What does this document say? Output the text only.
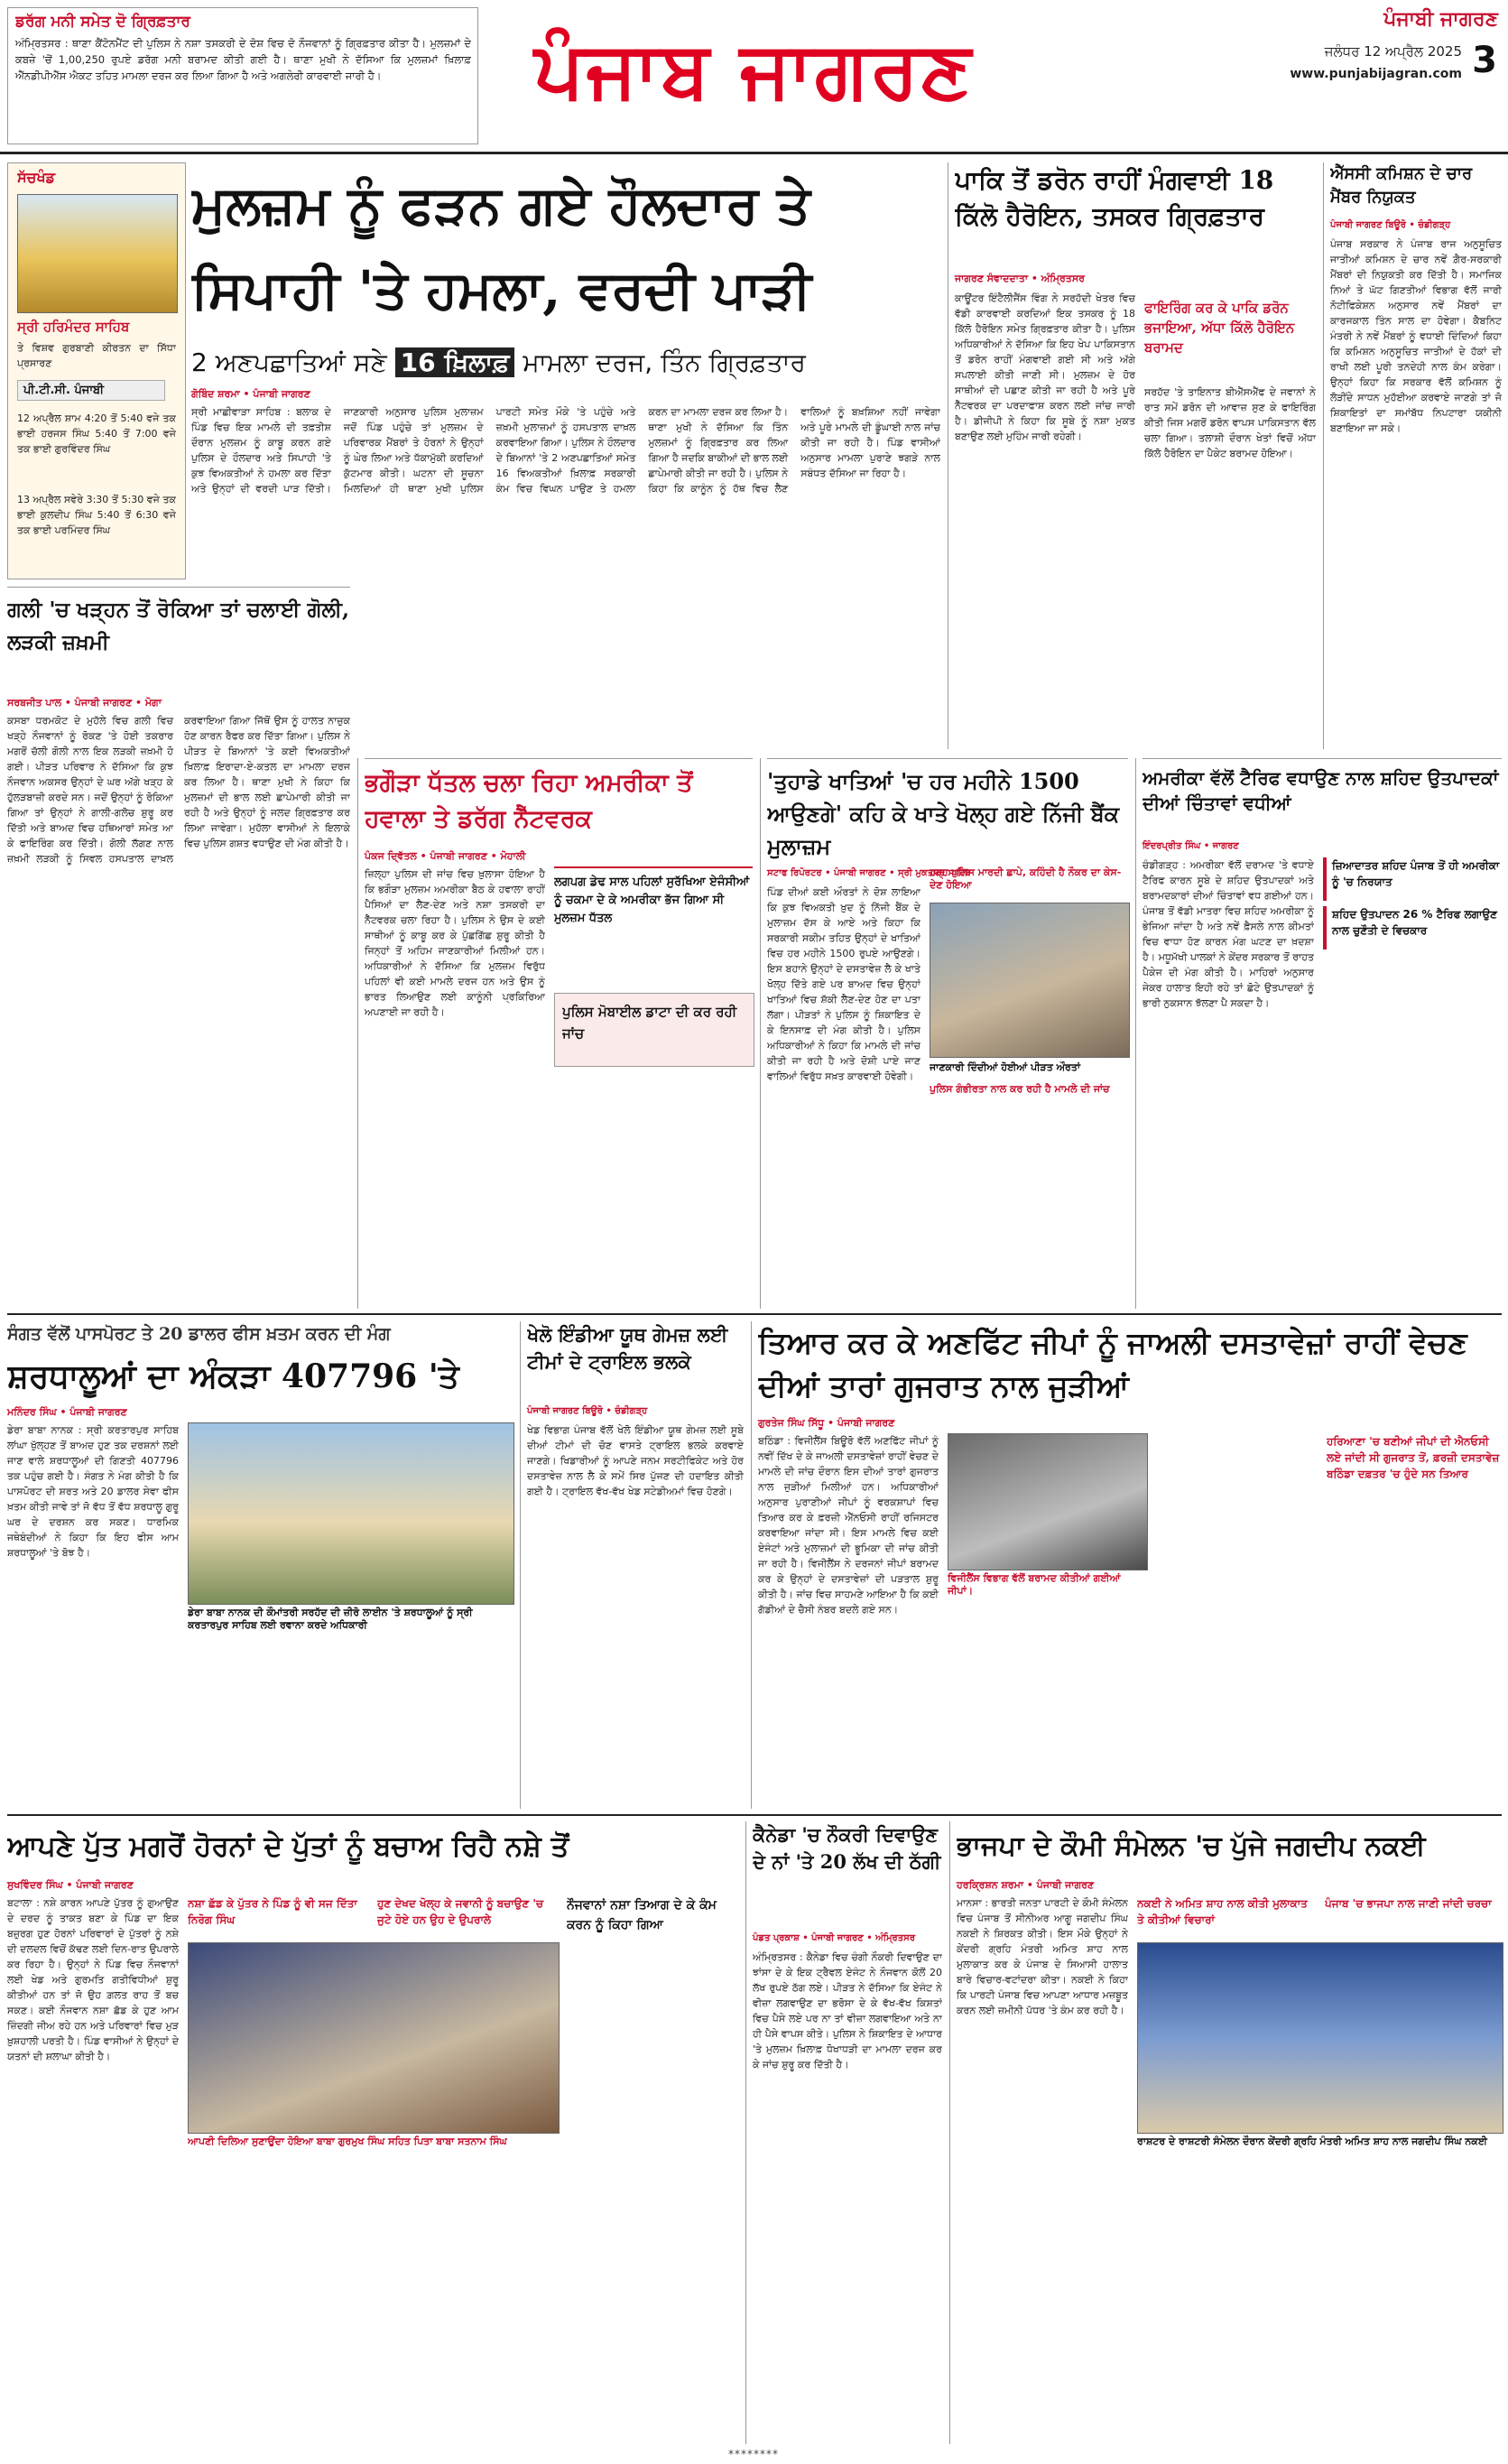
ਡਰੱਗ ਮਨੀ ਸਮੇਤ ਦੋ ਗ੍ਰਿਫ਼ਤਾਰ
ਅੰਮ੍ਰਿਤਸਰ : ਥਾਣਾ ਕੈਂਟੋਨਮੈਂਟ ਦੀ ਪੁਲਿਸ ਨੇ ਨਸ਼ਾ ਤਸਕਰੀ ਦੇ ਦੋਸ਼ ਵਿਚ ਦੋ ਨੌਜਵਾਨਾਂ ਨੂੰ ਗ੍ਰਿਫ਼ਤਾਰ ਕੀਤਾ ਹੈ। ਮੁਲਜ਼ਮਾਂ ਦੇ ਕਬਜ਼ੇ 'ਚੋਂ 1,00,250 ਰੁਪਏ ਡਰੱਗ ਮਨੀ ਬਰਾਮਦ ਕੀਤੀ ਗਈ ਹੈ। ਥਾਣਾ ਮੁਖੀ ਨੇ ਦੱਸਿਆ ਕਿ ਮੁਲਜ਼ਮਾਂ ਖ਼ਿਲਾਫ਼ ਐੱਨਡੀਪੀਐੱਸ ਐਕਟ ਤਹਿਤ ਮਾਮਲਾ ਦਰਜ ਕਰ ਲਿਆ ਗਿਆ ਹੈ ਅਤੇ ਅਗਲੇਰੀ ਕਾਰਵਾਈ ਜਾਰੀ ਹੈ।	ਪੰਜਾਬ ਜਾਗਰਣ
ਪੰਜਾਬੀ ਜਾਗਰਣ
ਜਲੰਧਰ 12 ਅਪ੍ਰੈਲ 2025
www.punjabijagran.com 3
ਸੱਚਖੰਡ
ਸ੍ਰੀ ਹਰਿਮੰਦਰ ਸਾਹਿਬ
ਤੇ ਵਿਸ਼ਵ ਗੁਰਬਾਣੀ ਕੀਰਤਨ ਦਾ ਸਿੱਧਾ ਪ੍ਰਸਾਰਣ
ਪੀ.ਟੀ.ਸੀ. ਪੰਜਾਬੀ
12 ਅਪ੍ਰੈਲ ਸ਼ਾਮ 4:20 ਤੋਂ 5:40 ਵਜੇ ਤਕ ਭਾਈ ਹਰਜਸ ਸਿੰਘ 5:40 ਤੋਂ 7:00 ਵਜੇ ਤਕ ਭਾਈ ਗੁਰਵਿੰਦਰ ਸਿੰਘ
13 ਅਪ੍ਰੈਲ ਸਵੇਰੇ 3:30 ਤੋਂ 5:30 ਵਜੇ ਤਕ ਭਾਈ ਕੁਲਦੀਪ ਸਿੰਘ 5:40 ਤੋਂ 6:30 ਵਜੇ ਤਕ ਭਾਈ ਪਰਮਿੰਦਰ ਸਿੰਘ
ਮੁਲਜ਼ਮ ਨੂੰ ਫੜਨ ਗਏ ਹੌਲਦਾਰ ਤੇ ਸਿਪਾਹੀ 'ਤੇ ਹਮਲਾ, ਵਰਦੀ ਪਾੜੀ
2 ਅਣਪਛਾਤਿਆਂ ਸਣੇ 16 ਖ਼ਿਲਾਫ਼ ਮਾਮਲਾ ਦਰਜ, ਤਿੰਨ ਗ੍ਰਿਫ਼ਤਾਰ
ਗੋਬਿੰਦ ਸ਼ਰਮਾ • ਪੰਜਾਬੀ ਜਾਗਰਣ
ਸ੍ਰੀ ਮਾਛੀਵਾੜਾ ਸਾਹਿਬ : ਬਲਾਕ ਦੇ ਪਿੰਡ ਵਿਚ ਇਕ ਮਾਮਲੇ ਦੀ ਤਫ਼ਤੀਸ਼ ਦੌਰਾਨ ਮੁਲਜ਼ਮ ਨੂੰ ਕਾਬੂ ਕਰਨ ਗਏ ਪੁਲਿਸ ਦੇ ਹੌਲਦਾਰ ਅਤੇ ਸਿਪਾਹੀ 'ਤੇ ਕੁਝ ਵਿਅਕਤੀਆਂ ਨੇ ਹਮਲਾ ਕਰ ਦਿੱਤਾ ਅਤੇ ਉਨ੍ਹਾਂ ਦੀ ਵਰਦੀ ਪਾੜ ਦਿੱਤੀ। ਜਾਣਕਾਰੀ ਅਨੁਸਾਰ ਪੁਲਿਸ ਮੁਲਾਜ਼ਮ ਜਦੋਂ ਪਿੰਡ ਪਹੁੰਚੇ ਤਾਂ ਮੁਲਜ਼ਮ ਦੇ ਪਰਿਵਾਰਕ ਮੈਂਬਰਾਂ ਤੇ ਹੋਰਨਾਂ ਨੇ ਉਨ੍ਹਾਂ ਨੂੰ ਘੇਰ ਲਿਆ ਅਤੇ ਧੱਕਾਮੁੱਕੀ ਕਰਦਿਆਂ ਕੁੱਟਮਾਰ ਕੀਤੀ। ਘਟਨਾ ਦੀ ਸੂਚਨਾ ਮਿਲਦਿਆਂ ਹੀ ਥਾਣਾ ਮੁਖੀ ਪੁਲਿਸ ਪਾਰਟੀ ਸਮੇਤ ਮੌਕੇ 'ਤੇ ਪਹੁੰਚੇ ਅਤੇ ਜ਼ਖ਼ਮੀ ਮੁਲਾਜ਼ਮਾਂ ਨੂੰ ਹਸਪਤਾਲ ਦਾਖ਼ਲ ਕਰਵਾਇਆ ਗਿਆ। ਪੁਲਿਸ ਨੇ ਹੌਲਦਾਰ ਦੇ ਬਿਆਨਾਂ 'ਤੇ 2 ਅਣਪਛਾਤਿਆਂ ਸਮੇਤ 16 ਵਿਅਕਤੀਆਂ ਖ਼ਿਲਾਫ਼ ਸਰਕਾਰੀ ਕੰਮ ਵਿਚ ਵਿਘਨ ਪਾਉਣ ਤੇ ਹਮਲਾ ਕਰਨ ਦਾ ਮਾਮਲਾ ਦਰਜ ਕਰ ਲਿਆ ਹੈ। ਥਾਣਾ ਮੁਖੀ ਨੇ ਦੱਸਿਆ ਕਿ ਤਿੰਨ ਮੁਲਜ਼ਮਾਂ ਨੂੰ ਗ੍ਰਿਫ਼ਤਾਰ ਕਰ ਲਿਆ ਗਿਆ ਹੈ ਜਦਕਿ ਬਾਕੀਆਂ ਦੀ ਭਾਲ ਲਈ ਛਾਪੇਮਾਰੀ ਕੀਤੀ ਜਾ ਰਹੀ ਹੈ। ਪੁਲਿਸ ਨੇ ਕਿਹਾ ਕਿ ਕਾਨੂੰਨ ਨੂੰ ਹੱਥ ਵਿਚ ਲੈਣ ਵਾਲਿਆਂ ਨੂੰ ਬਖ਼ਸ਼ਿਆ ਨਹੀਂ ਜਾਵੇਗਾ ਅਤੇ ਪੂਰੇ ਮਾਮਲੇ ਦੀ ਡੂੰਘਾਈ ਨਾਲ ਜਾਂਚ ਕੀਤੀ ਜਾ ਰਹੀ ਹੈ। ਪਿੰਡ ਵਾਸੀਆਂ ਅਨੁਸਾਰ ਮਾਮਲਾ ਪੁਰਾਣੇ ਝਗੜੇ ਨਾਲ ਸਬੰਧਤ ਦੱਸਿਆ ਜਾ ਰਿਹਾ ਹੈ।
ਪਾਕਿ ਤੋਂ ਡਰੋਨ ਰਾਹੀਂ ਮੰਗਵਾਈ 18 ਕਿੱਲੋ ਹੈਰੋਇਨ, ਤਸਕਰ ਗ੍ਰਿਫ਼ਤਾਰ
ਜਾਗਰਣ ਸੰਵਾਦਦਾਤਾ • ਅੰਮ੍ਰਿਤਸਰ
ਕਾਊਂਟਰ ਇੰਟੈਲੀਜੈਂਸ ਵਿੰਗ ਨੇ ਸਰਹੱਦੀ ਖੇਤਰ ਵਿਚ ਵੱਡੀ ਕਾਰਵਾਈ ਕਰਦਿਆਂ ਇਕ ਤਸਕਰ ਨੂੰ 18 ਕਿੱਲੋ ਹੈਰੋਇਨ ਸਮੇਤ ਗ੍ਰਿਫ਼ਤਾਰ ਕੀਤਾ ਹੈ। ਪੁਲਿਸ ਅਧਿਕਾਰੀਆਂ ਨੇ ਦੱਸਿਆ ਕਿ ਇਹ ਖੇਪ ਪਾਕਿਸਤਾਨ ਤੋਂ ਡਰੋਨ ਰਾਹੀਂ ਮੰਗਵਾਈ ਗਈ ਸੀ ਅਤੇ ਅੱਗੇ ਸਪਲਾਈ ਕੀਤੀ ਜਾਣੀ ਸੀ। ਮੁਲਜ਼ਮ ਦੇ ਹੋਰ ਸਾਥੀਆਂ ਦੀ ਪਛਾਣ ਕੀਤੀ ਜਾ ਰਹੀ ਹੈ ਅਤੇ ਪੂਰੇ ਨੈੱਟਵਰਕ ਦਾ ਪਰਦਾਫਾਸ਼ ਕਰਨ ਲਈ ਜਾਂਚ ਜਾਰੀ ਹੈ। ਡੀਜੀਪੀ ਨੇ ਕਿਹਾ ਕਿ ਸੂਬੇ ਨੂੰ ਨਸ਼ਾ ਮੁਕਤ ਬਣਾਉਣ ਲਈ ਮੁਹਿੰਮ ਜਾਰੀ ਰਹੇਗੀ।
ਫਾਇਰਿੰਗ ਕਰ ਕੇ ਪਾਕਿ ਡਰੋਨ ਭਜਾਇਆ, ਅੱਧਾ ਕਿੱਲੋ ਹੈਰੋਇਨ ਬਰਾਮਦ
ਸਰਹੱਦ 'ਤੇ ਤਾਇਨਾਤ ਬੀਐੱਸਐੱਫ ਦੇ ਜਵਾਨਾਂ ਨੇ ਰਾਤ ਸਮੇਂ ਡਰੋਨ ਦੀ ਆਵਾਜ਼ ਸੁਣ ਕੇ ਫਾਇਰਿੰਗ ਕੀਤੀ ਜਿਸ ਮਗਰੋਂ ਡਰੋਨ ਵਾਪਸ ਪਾਕਿਸਤਾਨ ਵੱਲ ਚਲਾ ਗਿਆ। ਤਲਾਸ਼ੀ ਦੌਰਾਨ ਖੇਤਾਂ ਵਿਚੋਂ ਅੱਧਾ ਕਿੱਲੋ ਹੈਰੋਇਨ ਦਾ ਪੈਕੇਟ ਬਰਾਮਦ ਹੋਇਆ।
ਐੱਸਸੀ ਕਮਿਸ਼ਨ ਦੇ ਚਾਰ ਮੈਂਬਰ ਨਿਯੁਕਤ
ਪੰਜਾਬੀ ਜਾਗਰਣ ਬਿਊਰੋ • ਚੰਡੀਗੜ੍ਹ
ਪੰਜਾਬ ਸਰਕਾਰ ਨੇ ਪੰਜਾਬ ਰਾਜ ਅਨੁਸੂਚਿਤ ਜਾਤੀਆਂ ਕਮਿਸ਼ਨ ਦੇ ਚਾਰ ਨਵੇਂ ਗ਼ੈਰ-ਸਰਕਾਰੀ ਮੈਂਬਰਾਂ ਦੀ ਨਿਯੁਕਤੀ ਕਰ ਦਿੱਤੀ ਹੈ। ਸਮਾਜਿਕ ਨਿਆਂ ਤੇ ਘੱਟ ਗਿਣਤੀਆਂ ਵਿਭਾਗ ਵੱਲੋਂ ਜਾਰੀ ਨੋਟੀਫਿਕੇਸ਼ਨ ਅਨੁਸਾਰ ਨਵੇਂ ਮੈਂਬਰਾਂ ਦਾ ਕਾਰਜਕਾਲ ਤਿੰਨ ਸਾਲ ਦਾ ਹੋਵੇਗਾ। ਕੈਬਨਿਟ ਮੰਤਰੀ ਨੇ ਨਵੇਂ ਮੈਂਬਰਾਂ ਨੂੰ ਵਧਾਈ ਦਿੰਦਿਆਂ ਕਿਹਾ ਕਿ ਕਮਿਸ਼ਨ ਅਨੁਸੂਚਿਤ ਜਾਤੀਆਂ ਦੇ ਹੱਕਾਂ ਦੀ ਰਾਖੀ ਲਈ ਪੂਰੀ ਤਨਦੇਹੀ ਨਾਲ ਕੰਮ ਕਰੇਗਾ। ਉਨ੍ਹਾਂ ਕਿਹਾ ਕਿ ਸਰਕਾਰ ਵੱਲੋਂ ਕਮਿਸ਼ਨ ਨੂੰ ਲੋੜੀਂਦੇ ਸਾਧਨ ਮੁਹੱਈਆ ਕਰਵਾਏ ਜਾਣਗੇ ਤਾਂ ਜੋ ਸ਼ਿਕਾਇਤਾਂ ਦਾ ਸਮਾਂਬੱਧ ਨਿਪਟਾਰਾ ਯਕੀਨੀ ਬਣਾਇਆ ਜਾ ਸਕੇ।
ਗਲੀ 'ਚ ਖੜ੍ਹਨ ਤੋਂ ਰੋਕਿਆ ਤਾਂ ਚਲਾਈ ਗੋਲੀ, ਲੜਕੀ ਜ਼ਖ਼ਮੀ
ਸਰਬਜੀਤ ਪਾਲ • ਪੰਜਾਬੀ ਜਾਗਰਣ • ਮੋਗਾ
ਕਸਬਾ ਧਰਮਕੋਟ ਦੇ ਮੁਹੱਲੇ ਵਿਚ ਗਲੀ ਵਿਚ ਖੜ੍ਹੇ ਨੌਜਵਾਨਾਂ ਨੂੰ ਰੋਕਣ 'ਤੇ ਹੋਈ ਤਕਰਾਰ ਮਗਰੋਂ ਚੱਲੀ ਗੋਲੀ ਨਾਲ ਇਕ ਲੜਕੀ ਜ਼ਖ਼ਮੀ ਹੋ ਗਈ। ਪੀੜਤ ਪਰਿਵਾਰ ਨੇ ਦੱਸਿਆ ਕਿ ਕੁਝ ਨੌਜਵਾਨ ਅਕਸਰ ਉਨ੍ਹਾਂ ਦੇ ਘਰ ਅੱਗੇ ਖੜ੍ਹ ਕੇ ਹੁੱਲੜਬਾਜ਼ੀ ਕਰਦੇ ਸਨ। ਜਦੋਂ ਉਨ੍ਹਾਂ ਨੂੰ ਰੋਕਿਆ ਗਿਆ ਤਾਂ ਉਨ੍ਹਾਂ ਨੇ ਗਾਲੀ-ਗਲੋਚ ਸ਼ੁਰੂ ਕਰ ਦਿੱਤੀ ਅਤੇ ਬਾਅਦ ਵਿਚ ਹਥਿਆਰਾਂ ਸਮੇਤ ਆ ਕੇ ਫਾਇਰਿੰਗ ਕਰ ਦਿੱਤੀ। ਗੋਲੀ ਲੱਗਣ ਨਾਲ ਜ਼ਖ਼ਮੀ ਲੜਕੀ ਨੂੰ ਸਿਵਲ ਹਸਪਤਾਲ ਦਾਖ਼ਲ ਕਰਵਾਇਆ ਗਿਆ ਜਿੱਥੋਂ ਉਸ ਨੂੰ ਹਾਲਤ ਨਾਜ਼ੁਕ ਹੋਣ ਕਾਰਨ ਰੈਫਰ ਕਰ ਦਿੱਤਾ ਗਿਆ। ਪੁਲਿਸ ਨੇ ਪੀੜਤ ਦੇ ਬਿਆਨਾਂ 'ਤੇ ਕਈ ਵਿਅਕਤੀਆਂ ਖ਼ਿਲਾਫ਼ ਇਰਾਦਾ-ਏ-ਕਤਲ ਦਾ ਮਾਮਲਾ ਦਰਜ ਕਰ ਲਿਆ ਹੈ। ਥਾਣਾ ਮੁਖੀ ਨੇ ਕਿਹਾ ਕਿ ਮੁਲਜ਼ਮਾਂ ਦੀ ਭਾਲ ਲਈ ਛਾਪੇਮਾਰੀ ਕੀਤੀ ਜਾ ਰਹੀ ਹੈ ਅਤੇ ਉਨ੍ਹਾਂ ਨੂੰ ਜਲਦ ਗ੍ਰਿਫ਼ਤਾਰ ਕਰ ਲਿਆ ਜਾਵੇਗਾ। ਮੁਹੱਲਾ ਵਾਸੀਆਂ ਨੇ ਇਲਾਕੇ ਵਿਚ ਪੁਲਿਸ ਗਸ਼ਤ ਵਧਾਉਣ ਦੀ ਮੰਗ ਕੀਤੀ ਹੈ।
ਭਗੌੜਾ ਧੱਤਲ ਚਲਾ ਰਿਹਾ ਅਮਰੀਕਾ ਤੋਂ ਹਵਾਲਾ ਤੇ ਡਰੱਗ ਨੈੱਟਵਰਕ
ਪੰਕਜ ਦ੍ਵਿੱਤਲ • ਪੰਜਾਬੀ ਜਾਗਰਣ • ਮੋਹਾਲੀ
ਜ਼ਿਲ੍ਹਾ ਪੁਲਿਸ ਦੀ ਜਾਂਚ ਵਿਚ ਖ਼ੁਲਾਸਾ ਹੋਇਆ ਹੈ ਕਿ ਭਗੌੜਾ ਮੁਲਜ਼ਮ ਅਮਰੀਕਾ ਬੈਠ ਕੇ ਹਵਾਲਾ ਰਾਹੀਂ ਪੈਸਿਆਂ ਦਾ ਲੈਣ-ਦੇਣ ਅਤੇ ਨਸ਼ਾ ਤਸਕਰੀ ਦਾ ਨੈੱਟਵਰਕ ਚਲਾ ਰਿਹਾ ਹੈ। ਪੁਲਿਸ ਨੇ ਉਸ ਦੇ ਕਈ ਸਾਥੀਆਂ ਨੂੰ ਕਾਬੂ ਕਰ ਕੇ ਪੁੱਛਗਿੱਛ ਸ਼ੁਰੂ ਕੀਤੀ ਹੈ ਜਿਨ੍ਹਾਂ ਤੋਂ ਅਹਿਮ ਜਾਣਕਾਰੀਆਂ ਮਿਲੀਆਂ ਹਨ। ਅਧਿਕਾਰੀਆਂ ਨੇ ਦੱਸਿਆ ਕਿ ਮੁਲਜ਼ਮ ਵਿਰੁੱਧ ਪਹਿਲਾਂ ਵੀ ਕਈ ਮਾਮਲੇ ਦਰਜ ਹਨ ਅਤੇ ਉਸ ਨੂੰ ਭਾਰਤ ਲਿਆਉਣ ਲਈ ਕਾਨੂੰਨੀ ਪ੍ਰਕਿਰਿਆ ਅਪਣਾਈ ਜਾ ਰਹੀ ਹੈ।
ਲਗਪਗ ਡੇਢ ਸਾਲ ਪਹਿਲਾਂ ਸੁਰੱਖਿਆ ਏਜੰਸੀਆਂ ਨੂੰ ਚਕਮਾ ਦੇ ਕੇ ਅਮਰੀਕਾ ਭੱਜ ਗਿਆ ਸੀ ਮੁਲਜ਼ਮ ਧੱਤਲ
ਪੁਲਿਸ ਮੋਬਾਈਲ ਡਾਟਾ ਦੀ ਕਰ ਰਹੀ ਜਾਂਚ
'ਤੁਹਾਡੇ ਖਾਤਿਆਂ 'ਚ ਹਰ ਮਹੀਨੇ 1500 ਆਉਣਗੇ' ਕਹਿ ਕੇ ਖਾਤੇ ਖੋਲ੍ਹ ਗਏ ਨਿੱਜੀ ਬੈਂਕ ਮੁਲਾਜ਼ਮ
ਸਟਾਫ ਰਿਪੋਰਟਰ • ਪੰਜਾਬੀ ਜਾਗਰਣ • ਸ੍ਰੀ ਮੁਕਤਸਰ ਸਾਹਿਬ
ਪਿੰਡ ਦੀਆਂ ਕਈ ਔਰਤਾਂ ਨੇ ਦੋਸ਼ ਲਾਇਆ ਕਿ ਕੁਝ ਵਿਅਕਤੀ ਖ਼ੁਦ ਨੂੰ ਨਿੱਜੀ ਬੈਂਕ ਦੇ ਮੁਲਾਜ਼ਮ ਦੱਸ ਕੇ ਆਏ ਅਤੇ ਕਿਹਾ ਕਿ ਸਰਕਾਰੀ ਸਕੀਮ ਤਹਿਤ ਉਨ੍ਹਾਂ ਦੇ ਖਾਤਿਆਂ ਵਿਚ ਹਰ ਮਹੀਨੇ 1500 ਰੁਪਏ ਆਉਣਗੇ। ਇਸ ਬਹਾਨੇ ਉਨ੍ਹਾਂ ਦੇ ਦਸਤਾਵੇਜ਼ ਲੈ ਕੇ ਖਾਤੇ ਖੋਲ੍ਹ ਦਿੱਤੇ ਗਏ ਪਰ ਬਾਅਦ ਵਿਚ ਉਨ੍ਹਾਂ ਖਾਤਿਆਂ ਵਿਚ ਸ਼ੱਕੀ ਲੈਣ-ਦੇਣ ਹੋਣ ਦਾ ਪਤਾ ਲੱਗਾ। ਪੀੜਤਾਂ ਨੇ ਪੁਲਿਸ ਨੂੰ ਸ਼ਿਕਾਇਤ ਦੇ ਕੇ ਇਨਸਾਫ਼ ਦੀ ਮੰਗ ਕੀਤੀ ਹੈ। ਪੁਲਿਸ ਅਧਿਕਾਰੀਆਂ ਨੇ ਕਿਹਾ ਕਿ ਮਾਮਲੇ ਦੀ ਜਾਂਚ ਕੀਤੀ ਜਾ ਰਹੀ ਹੈ ਅਤੇ ਦੋਸ਼ੀ ਪਾਏ ਜਾਣ ਵਾਲਿਆਂ ਵਿਰੁੱਧ ਸਖ਼ਤ ਕਾਰਵਾਈ ਹੋਵੇਗੀ।
ਹੜ੍ਹ ਪੁਲਿਸ ਮਾਰਦੀ ਛਾਪੇ, ਕਹਿੰਦੀ ਹੈ ਨੌਕਰ ਦਾ ਕੇਸ-ਦੇਣ ਹੋਇਆ
ਜਾਣਕਾਰੀ ਦਿੰਦੀਆਂ ਹੋਈਆਂ ਪੀੜਤ ਔਰਤਾਂ
ਪੁਲਿਸ ਗੰਭੀਰਤਾ ਨਾਲ ਕਰ ਰਹੀ ਹੈ ਮਾਮਲੇ ਦੀ ਜਾਂਚ
ਅਮਰੀਕਾ ਵੱਲੋਂ ਟੈਰਿਫ ਵਧਾਉਣ ਨਾਲ ਸ਼ਹਿਦ ਉਤਪਾਦਕਾਂ ਦੀਆਂ ਚਿੰਤਾਵਾਂ ਵਧੀਆਂ
ਇੰਦਰਪ੍ਰੀਤ ਸਿੰਘ • ਜਾਗਰਣ
ਚੰਡੀਗੜ੍ਹ : ਅਮਰੀਕਾ ਵੱਲੋਂ ਦਰਾਮਦ 'ਤੇ ਵਧਾਏ ਟੈਰਿਫ ਕਾਰਨ ਸੂਬੇ ਦੇ ਸ਼ਹਿਦ ਉਤਪਾਦਕਾਂ ਅਤੇ ਬਰਾਮਦਕਾਰਾਂ ਦੀਆਂ ਚਿੰਤਾਵਾਂ ਵਧ ਗਈਆਂ ਹਨ। ਪੰਜਾਬ ਤੋਂ ਵੱਡੀ ਮਾਤਰਾ ਵਿਚ ਸ਼ਹਿਦ ਅਮਰੀਕਾ ਨੂੰ ਭੇਜਿਆ ਜਾਂਦਾ ਹੈ ਅਤੇ ਨਵੇਂ ਫ਼ੈਸਲੇ ਨਾਲ ਕੀਮਤਾਂ ਵਿਚ ਵਾਧਾ ਹੋਣ ਕਾਰਨ ਮੰਗ ਘਟਣ ਦਾ ਖ਼ਦਸ਼ਾ ਹੈ। ਮਧੂਮੱਖੀ ਪਾਲਕਾਂ ਨੇ ਕੇਂਦਰ ਸਰਕਾਰ ਤੋਂ ਰਾਹਤ ਪੈਕੇਜ ਦੀ ਮੰਗ ਕੀਤੀ ਹੈ। ਮਾਹਿਰਾਂ ਅਨੁਸਾਰ ਜੇਕਰ ਹਾਲਾਤ ਇਹੀ ਰਹੇ ਤਾਂ ਛੋਟੇ ਉਤਪਾਦਕਾਂ ਨੂੰ ਭਾਰੀ ਨੁਕਸਾਨ ਝੱਲਣਾ ਪੈ ਸਕਦਾ ਹੈ।
ਜ਼ਿਆਦਾਤਰ ਸ਼ਹਿਦ ਪੰਜਾਬ ਤੋਂ ਹੀ ਅਮਰੀਕਾ ਨੂੰ 'ਚ ਨਿਰਯਾਤ
ਸ਼ਹਿਦ ਉਤਪਾਦਨ 26 % ਟੈਰਿਫ ਲਗਾਉਣ ਨਾਲ ਚੁਣੌਤੀ ਦੇ ਵਿਚਕਾਰ
ਸੰਗਤ ਵੱਲੋਂ ਪਾਸਪੋਰਟ ਤੇ 20 ਡਾਲਰ ਫੀਸ ਖ਼ਤਮ ਕਰਨ ਦੀ ਮੰਗ
ਸ਼ਰਧਾਲੂਆਂ ਦਾ ਅੰਕੜਾ 407796 'ਤੇ
ਮਨਿੰਦਰ ਸਿੰਘ • ਪੰਜਾਬੀ ਜਾਗਰਣ
ਡੇਰਾ ਬਾਬਾ ਨਾਨਕ : ਸ੍ਰੀ ਕਰਤਾਰਪੁਰ ਸਾਹਿਬ ਲਾਂਘਾ ਖੁੱਲ੍ਹਣ ਤੋਂ ਬਾਅਦ ਹੁਣ ਤਕ ਦਰਸ਼ਨਾਂ ਲਈ ਜਾਣ ਵਾਲੇ ਸ਼ਰਧਾਲੂਆਂ ਦੀ ਗਿਣਤੀ 407796 ਤਕ ਪਹੁੰਚ ਗਈ ਹੈ। ਸੰਗਤ ਨੇ ਮੰਗ ਕੀਤੀ ਹੈ ਕਿ ਪਾਸਪੋਰਟ ਦੀ ਸ਼ਰਤ ਅਤੇ 20 ਡਾਲਰ ਸੇਵਾ ਫੀਸ ਖ਼ਤਮ ਕੀਤੀ ਜਾਵੇ ਤਾਂ ਜੋ ਵੱਧ ਤੋਂ ਵੱਧ ਸ਼ਰਧਾਲੂ ਗੁਰੂ ਘਰ ਦੇ ਦਰਸ਼ਨ ਕਰ ਸਕਣ। ਧਾਰਮਿਕ ਜਥੇਬੰਦੀਆਂ ਨੇ ਕਿਹਾ ਕਿ ਇਹ ਫੀਸ ਆਮ ਸ਼ਰਧਾਲੂਆਂ 'ਤੇ ਬੋਝ ਹੈ।
ਡੇਰਾ ਬਾਬਾ ਨਾਨਕ ਦੀ ਕੌਮਾਂਤਰੀ ਸਰਹੱਦ ਦੀ ਜ਼ੀਰੋ ਲਾਈਨ 'ਤੇ ਸ਼ਰਧਾਲੂਆਂ ਨੂੰ ਸ੍ਰੀ ਕਰਤਾਰਪੁਰ ਸਾਹਿਬ ਲਈ ਰਵਾਨਾ ਕਰਦੇ ਅਧਿਕਾਰੀ
ਖੇਲੋ ਇੰਡੀਆ ਯੂਥ ਗੇਮਜ਼ ਲਈ ਟੀਮਾਂ ਦੇ ਟ੍ਰਾਇਲ ਭਲਕੇ
ਪੰਜਾਬੀ ਜਾਗਰਣ ਬਿਊਰੋ • ਚੰਡੀਗੜ੍ਹ
ਖੇਡ ਵਿਭਾਗ ਪੰਜਾਬ ਵੱਲੋਂ ਖੇਲੋ ਇੰਡੀਆ ਯੂਥ ਗੇਮਜ਼ ਲਈ ਸੂਬੇ ਦੀਆਂ ਟੀਮਾਂ ਦੀ ਚੋਣ ਵਾਸਤੇ ਟ੍ਰਾਇਲ ਭਲਕੇ ਕਰਵਾਏ ਜਾਣਗੇ। ਖਿਡਾਰੀਆਂ ਨੂੰ ਆਪਣੇ ਜਨਮ ਸਰਟੀਫਿਕੇਟ ਅਤੇ ਹੋਰ ਦਸਤਾਵੇਜ਼ ਨਾਲ ਲੈ ਕੇ ਸਮੇਂ ਸਿਰ ਪੁੱਜਣ ਦੀ ਹਦਾਇਤ ਕੀਤੀ ਗਈ ਹੈ। ਟ੍ਰਾਇਲ ਵੱਖ-ਵੱਖ ਖੇਡ ਸਟੇਡੀਅਮਾਂ ਵਿਚ ਹੋਣਗੇ।
ਤਿਆਰ ਕਰ ਕੇ ਅਣਫਿੱਟ ਜੀਪਾਂ ਨੂੰ ਜਾਅਲੀ ਦਸਤਾਵੇਜ਼ਾਂ ਰਾਹੀਂ ਵੇਚਣ ਦੀਆਂ ਤਾਰਾਂ ਗੁਜਰਾਤ ਨਾਲ ਜੁੜੀਆਂ
ਗੁਰਤੇਜ ਸਿੰਘ ਸਿੱਧੂ • ਪੰਜਾਬੀ ਜਾਗਰਣ
ਬਠਿੰਡਾ : ਵਿਜੀਲੈਂਸ ਬਿਊਰੋ ਵੱਲੋਂ ਅਣਫਿੱਟ ਜੀਪਾਂ ਨੂੰ ਨਵੀਂ ਦਿੱਖ ਦੇ ਕੇ ਜਾਅਲੀ ਦਸਤਾਵੇਜ਼ਾਂ ਰਾਹੀਂ ਵੇਚਣ ਦੇ ਮਾਮਲੇ ਦੀ ਜਾਂਚ ਦੌਰਾਨ ਇਸ ਦੀਆਂ ਤਾਰਾਂ ਗੁਜਰਾਤ ਨਾਲ ਜੁੜੀਆਂ ਮਿਲੀਆਂ ਹਨ। ਅਧਿਕਾਰੀਆਂ ਅਨੁਸਾਰ ਪੁਰਾਣੀਆਂ ਜੀਪਾਂ ਨੂੰ ਵਰਕਸ਼ਾਪਾਂ ਵਿਚ ਤਿਆਰ ਕਰ ਕੇ ਫ਼ਰਜ਼ੀ ਐੱਨਓਸੀ ਰਾਹੀਂ ਰਜਿਸਟਰ ਕਰਵਾਇਆ ਜਾਂਦਾ ਸੀ। ਇਸ ਮਾਮਲੇ ਵਿਚ ਕਈ ਏਜੰਟਾਂ ਅਤੇ ਮੁਲਾਜ਼ਮਾਂ ਦੀ ਭੂਮਿਕਾ ਦੀ ਜਾਂਚ ਕੀਤੀ ਜਾ ਰਹੀ ਹੈ। ਵਿਜੀਲੈਂਸ ਨੇ ਦਰਜਨਾਂ ਜੀਪਾਂ ਬਰਾਮਦ ਕਰ ਕੇ ਉਨ੍ਹਾਂ ਦੇ ਦਸਤਾਵੇਜ਼ਾਂ ਦੀ ਪੜਤਾਲ ਸ਼ੁਰੂ ਕੀਤੀ ਹੈ। ਜਾਂਚ ਵਿਚ ਸਾਹਮਣੇ ਆਇਆ ਹੈ ਕਿ ਕਈ ਗੱਡੀਆਂ ਦੇ ਚੈਸੀ ਨੰਬਰ ਬਦਲੇ ਗਏ ਸਨ।
ਵਿਜੀਲੈਂਸ ਵਿਭਾਗ ਵੱਲੋਂ ਬਰਾਮਦ ਕੀਤੀਆਂ ਗਈਆਂ ਜੀਪਾਂ।
ਹਰਿਆਣਾ 'ਚ ਬਣੀਆਂ ਜੀਪਾਂ ਦੀ ਐਨਓਸੀ ਲਏ ਜਾਂਦੀ ਸੀ ਗੁਜਰਾਤ ਤੋਂ, ਫ਼ਰਜ਼ੀ ਦਸਤਾਵੇਜ਼ ਬਠਿੰਡਾ ਦਫ਼ਤਰ 'ਚ ਹੁੰਦੇ ਸਨ ਤਿਆਰ
ਆਪਣੇ ਪੁੱਤ ਮਗਰੋਂ ਹੋਰਨਾਂ ਦੇ ਪੁੱਤਾਂ ਨੂੰ ਬਚਾਅ ਰਿਹੈ ਨਸ਼ੇ ਤੋਂ
ਸੁਖਵਿੰਦਰ ਸਿੰਘ • ਪੰਜਾਬੀ ਜਾਗਰਣ
ਬਟਾਲਾ : ਨਸ਼ੇ ਕਾਰਨ ਆਪਣੇ ਪੁੱਤਰ ਨੂੰ ਗੁਆਉਣ ਦੇ ਦਰਦ ਨੂੰ ਤਾਕਤ ਬਣਾ ਕੇ ਪਿੰਡ ਦਾ ਇਕ ਬਜ਼ੁਰਗ ਹੁਣ ਹੋਰਨਾਂ ਪਰਿਵਾਰਾਂ ਦੇ ਪੁੱਤਰਾਂ ਨੂੰ ਨਸ਼ੇ ਦੀ ਦਲਦਲ ਵਿਚੋਂ ਕੱਢਣ ਲਈ ਦਿਨ-ਰਾਤ ਉਪਰਾਲੇ ਕਰ ਰਿਹਾ ਹੈ। ਉਨ੍ਹਾਂ ਨੇ ਪਿੰਡ ਵਿਚ ਨੌਜਵਾਨਾਂ ਲਈ ਖੇਡ ਅਤੇ ਗੁਰਮਤਿ ਗਤੀਵਿਧੀਆਂ ਸ਼ੁਰੂ ਕੀਤੀਆਂ ਹਨ ਤਾਂ ਜੋ ਉਹ ਗ਼ਲਤ ਰਾਹ ਤੋਂ ਬਚ ਸਕਣ। ਕਈ ਨੌਜਵਾਨ ਨਸ਼ਾ ਛੱਡ ਕੇ ਹੁਣ ਆਮ ਜ਼ਿੰਦਗੀ ਜੀਅ ਰਹੇ ਹਨ ਅਤੇ ਪਰਿਵਾਰਾਂ ਵਿਚ ਮੁੜ ਖ਼ੁਸ਼ਹਾਲੀ ਪਰਤੀ ਹੈ। ਪਿੰਡ ਵਾਸੀਆਂ ਨੇ ਉਨ੍ਹਾਂ ਦੇ ਯਤਨਾਂ ਦੀ ਸ਼ਲਾਘਾ ਕੀਤੀ ਹੈ।
ਨਸ਼ਾ ਛੱਡ ਕੇ ਪੁੱਤਰ ਨੇ ਪਿੰਡ ਨੂੰ ਵੀ ਸਜ ਦਿੱਤਾ ਨਿਰੋਗ ਸਿੰਘ
ਹੁਣ ਦੇਖਦ ਖੋਲ੍ਹ ਕੇ ਜਵਾਨੀ ਨੂੰ ਬਚਾਉਣ 'ਚ ਜੁਟੇ ਹੋਏ ਹਨ ਉਹ ਦੇ ਉਪਰਾਲੇ
ਆਪਣੀ ਦਿਲਿਆ ਸੁਣਾਉਂਦਾ ਹੋਇਆ ਬਾਬਾ ਗੁਰਮੁਖ ਸਿੰਘ ਸਹਿਤ ਪਿਤਾ ਬਾਬਾ ਸਤਨਾਮ ਸਿੰਘ
ਨੌਜਵਾਨਾਂ ਨਸ਼ਾ ਤਿਆਗ ਦੇ ਕੇ ਕੰਮ ਕਰਨ ਨੂੰ ਕਿਹਾ ਗਿਆ
ਕੈਨੇਡਾ 'ਚ ਨੌਕਰੀ ਦਿਵਾਉਣ ਦੇ ਨਾਂ 'ਤੇ 20 ਲੱਖ ਦੀ ਠੱਗੀ
ਪੰਡਤ ਪ੍ਰਕਾਸ਼ • ਪੰਜਾਬੀ ਜਾਗਰਣ • ਅੰਮ੍ਰਿਤਸਰ
ਅੰਮ੍ਰਿਤਸਰ : ਕੈਨੇਡਾ ਵਿਚ ਚੰਗੀ ਨੌਕਰੀ ਦਿਵਾਉਣ ਦਾ ਝਾਂਸਾ ਦੇ ਕੇ ਇਕ ਟ੍ਰੈਵਲ ਏਜੰਟ ਨੇ ਨੌਜਵਾਨ ਕੋਲੋਂ 20 ਲੱਖ ਰੁਪਏ ਠੱਗ ਲਏ। ਪੀੜਤ ਨੇ ਦੱਸਿਆ ਕਿ ਏਜੰਟ ਨੇ ਵੀਜ਼ਾ ਲਗਵਾਉਣ ਦਾ ਭਰੋਸਾ ਦੇ ਕੇ ਵੱਖ-ਵੱਖ ਕਿਸ਼ਤਾਂ ਵਿਚ ਪੈਸੇ ਲਏ ਪਰ ਨਾ ਤਾਂ ਵੀਜ਼ਾ ਲਗਵਾਇਆ ਅਤੇ ਨਾ ਹੀ ਪੈਸੇ ਵਾਪਸ ਕੀਤੇ। ਪੁਲਿਸ ਨੇ ਸ਼ਿਕਾਇਤ ਦੇ ਆਧਾਰ 'ਤੇ ਮੁਲਜ਼ਮ ਖ਼ਿਲਾਫ਼ ਧੋਖਾਧੜੀ ਦਾ ਮਾਮਲਾ ਦਰਜ ਕਰ ਕੇ ਜਾਂਚ ਸ਼ੁਰੂ ਕਰ ਦਿੱਤੀ ਹੈ।
ਭਾਜਪਾ ਦੇ ਕੌਮੀ ਸੰਮੇਲਨ 'ਚ ਪੁੱਜੇ ਜਗਦੀਪ ਨਕਈ
ਹਰਕ੍ਰਿਸ਼ਨ ਸ਼ਰਮਾ • ਪੰਜਾਬੀ ਜਾਗਰਣ
ਮਾਨਸਾ : ਭਾਰਤੀ ਜਨਤਾ ਪਾਰਟੀ ਦੇ ਕੌਮੀ ਸੰਮੇਲਨ ਵਿਚ ਪੰਜਾਬ ਤੋਂ ਸੀਨੀਅਰ ਆਗੂ ਜਗਦੀਪ ਸਿੰਘ ਨਕਈ ਨੇ ਸ਼ਿਰਕਤ ਕੀਤੀ। ਇਸ ਮੌਕੇ ਉਨ੍ਹਾਂ ਨੇ ਕੇਂਦਰੀ ਗ੍ਰਹਿ ਮੰਤਰੀ ਅਮਿਤ ਸ਼ਾਹ ਨਾਲ ਮੁਲਾਕਾਤ ਕਰ ਕੇ ਪੰਜਾਬ ਦੇ ਸਿਆਸੀ ਹਾਲਾਤ ਬਾਰੇ ਵਿਚਾਰ-ਵਟਾਂਦਰਾ ਕੀਤਾ। ਨਕਈ ਨੇ ਕਿਹਾ ਕਿ ਪਾਰਟੀ ਪੰਜਾਬ ਵਿਚ ਆਪਣਾ ਆਧਾਰ ਮਜ਼ਬੂਤ ਕਰਨ ਲਈ ਜ਼ਮੀਨੀ ਪੱਧਰ 'ਤੇ ਕੰਮ ਕਰ ਰਹੀ ਹੈ।
ਨਕਈ ਨੇ ਅਮਿਤ ਸ਼ਾਹ ਨਾਲ ਕੀਤੀ ਮੁਲਾਕਾਤ ਤੇ ਕੀਤੀਆਂ ਵਿਚਾਰਾਂ
ਪੰਜਾਬ 'ਚ ਭਾਜਪਾ ਨਾਲ ਜਾਣੀ ਜਾਂਦੀ ਚਰਚਾ
ਰਾਸ਼ਟਰ ਦੇ ਰਾਸ਼ਟਰੀ ਸੰਮੇਲਨ ਦੌਰਾਨ ਕੇਂਦਰੀ ਗ੍ਰਹਿ ਮੰਤਰੀ ਅਮਿਤ ਸ਼ਾਹ ਨਾਲ ਜਗਦੀਪ ਸਿੰਘ ਨਕਈ
********
